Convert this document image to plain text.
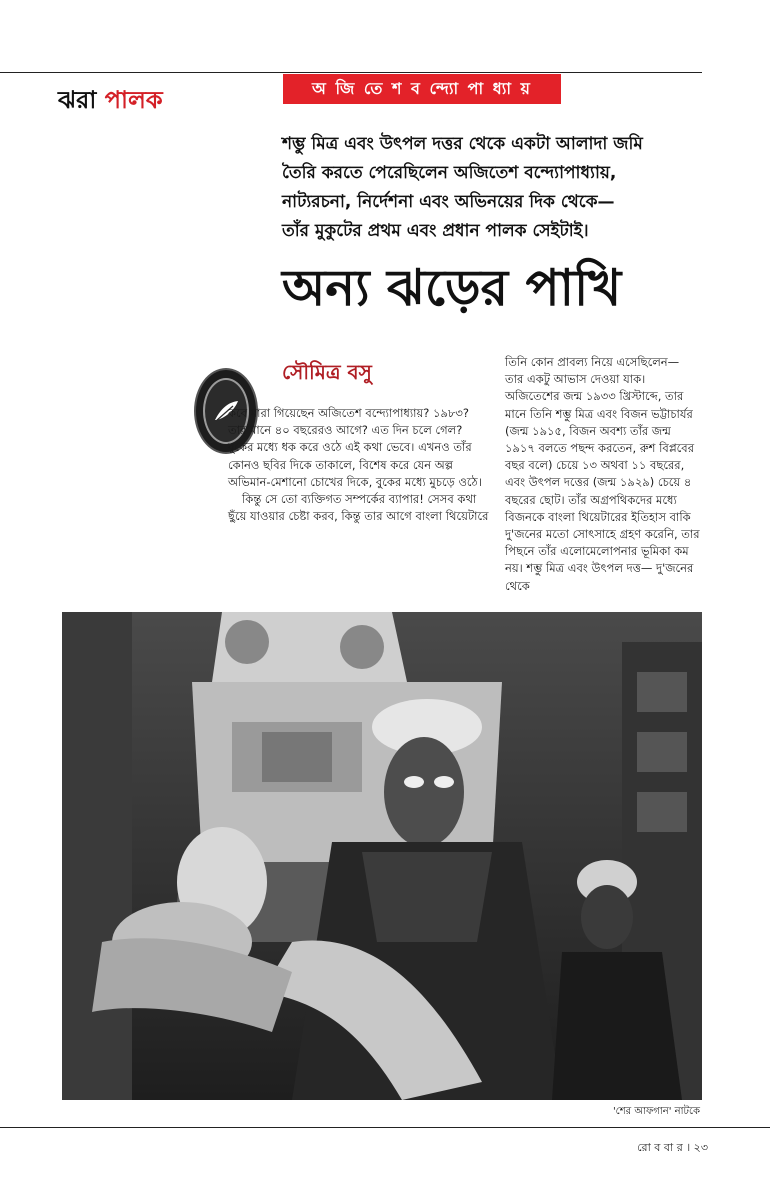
ঝরা পালক	অ জি তে শ ব ন্দ্যো পা ধ্যা য়
শম্ভু মিত্র এবং উৎপল দত্তর থেকে একটা আলাদা জমি
তৈরি করতে পেরেছিলেন অজিতেশ বন্দ্যোপাধ্যায়,
নাট্যরচনা, নির্দেশনা এবং অভিনয়ের দিক থেকে—
তাঁর মুকুটের প্রথম এবং প্রধান পালক সেইটাই।
অন্য ঝড়ের পাখি
সৌমিত্র বসু

কবে মারা গিয়েছেন অজিতেশ বন্দ্যোপাধ্যায়? ১৯৮৩? তার মানে ৪০ বছরেরও আগে? এত দিন চলে গেল? বুকের মধ্যে ধক করে ওঠে এই কথা ভেবে। এখনও তাঁর কোনও ছবির দিকে তাকালে, বিশেষ করে যেন অল্প অভিমান-মেশানো চোখের দিকে, বুকের মধ্যে মুচড়ে ওঠে।

কিন্তু সে তো ব্যক্তিগত সম্পর্কের ব্যাপার! সেসব কথা ছুঁয়ে যাওয়ার চেষ্টা করব, কিন্তু তার আগে বাংলা থিয়েটারে

তিনি কোন প্রাবল্য নিয়ে এসেছিলেন— তার একটু আভাস দেওয়া যাক। অজিতেশের জন্ম ১৯৩৩ খ্রিস্টাব্দে, তার মানে তিনি শম্ভু মিত্র এবং বিজন ভট্টাচার্যর (জন্ম ১৯১৫, বিজন অবশ্য তাঁর জন্ম ১৯১৭ বলতে পছন্দ করতেন, রুশ বিপ্লবের বছর বলে) চেয়ে ১৩ অথবা ১১ বছরের, এবং উৎপল দত্তের (জন্ম ১৯২৯) চেয়ে ৪ বছরের ছোট। তাঁর অগ্রপথিকদের মধ্যে বিজনকে বাংলা থিয়েটারের ইতিহাস বাকি দু'জনের মতো সোৎসাহে গ্রহণ করেনি, তার পিছনে তাঁর এলোমেলোপনার ভূমিকা কম নয়। শম্ভু মিত্র এবং উৎপল দত্ত— দু'জনের থেকে

'শের আফগান' নাটকে
রো ব বা র । ২৩
